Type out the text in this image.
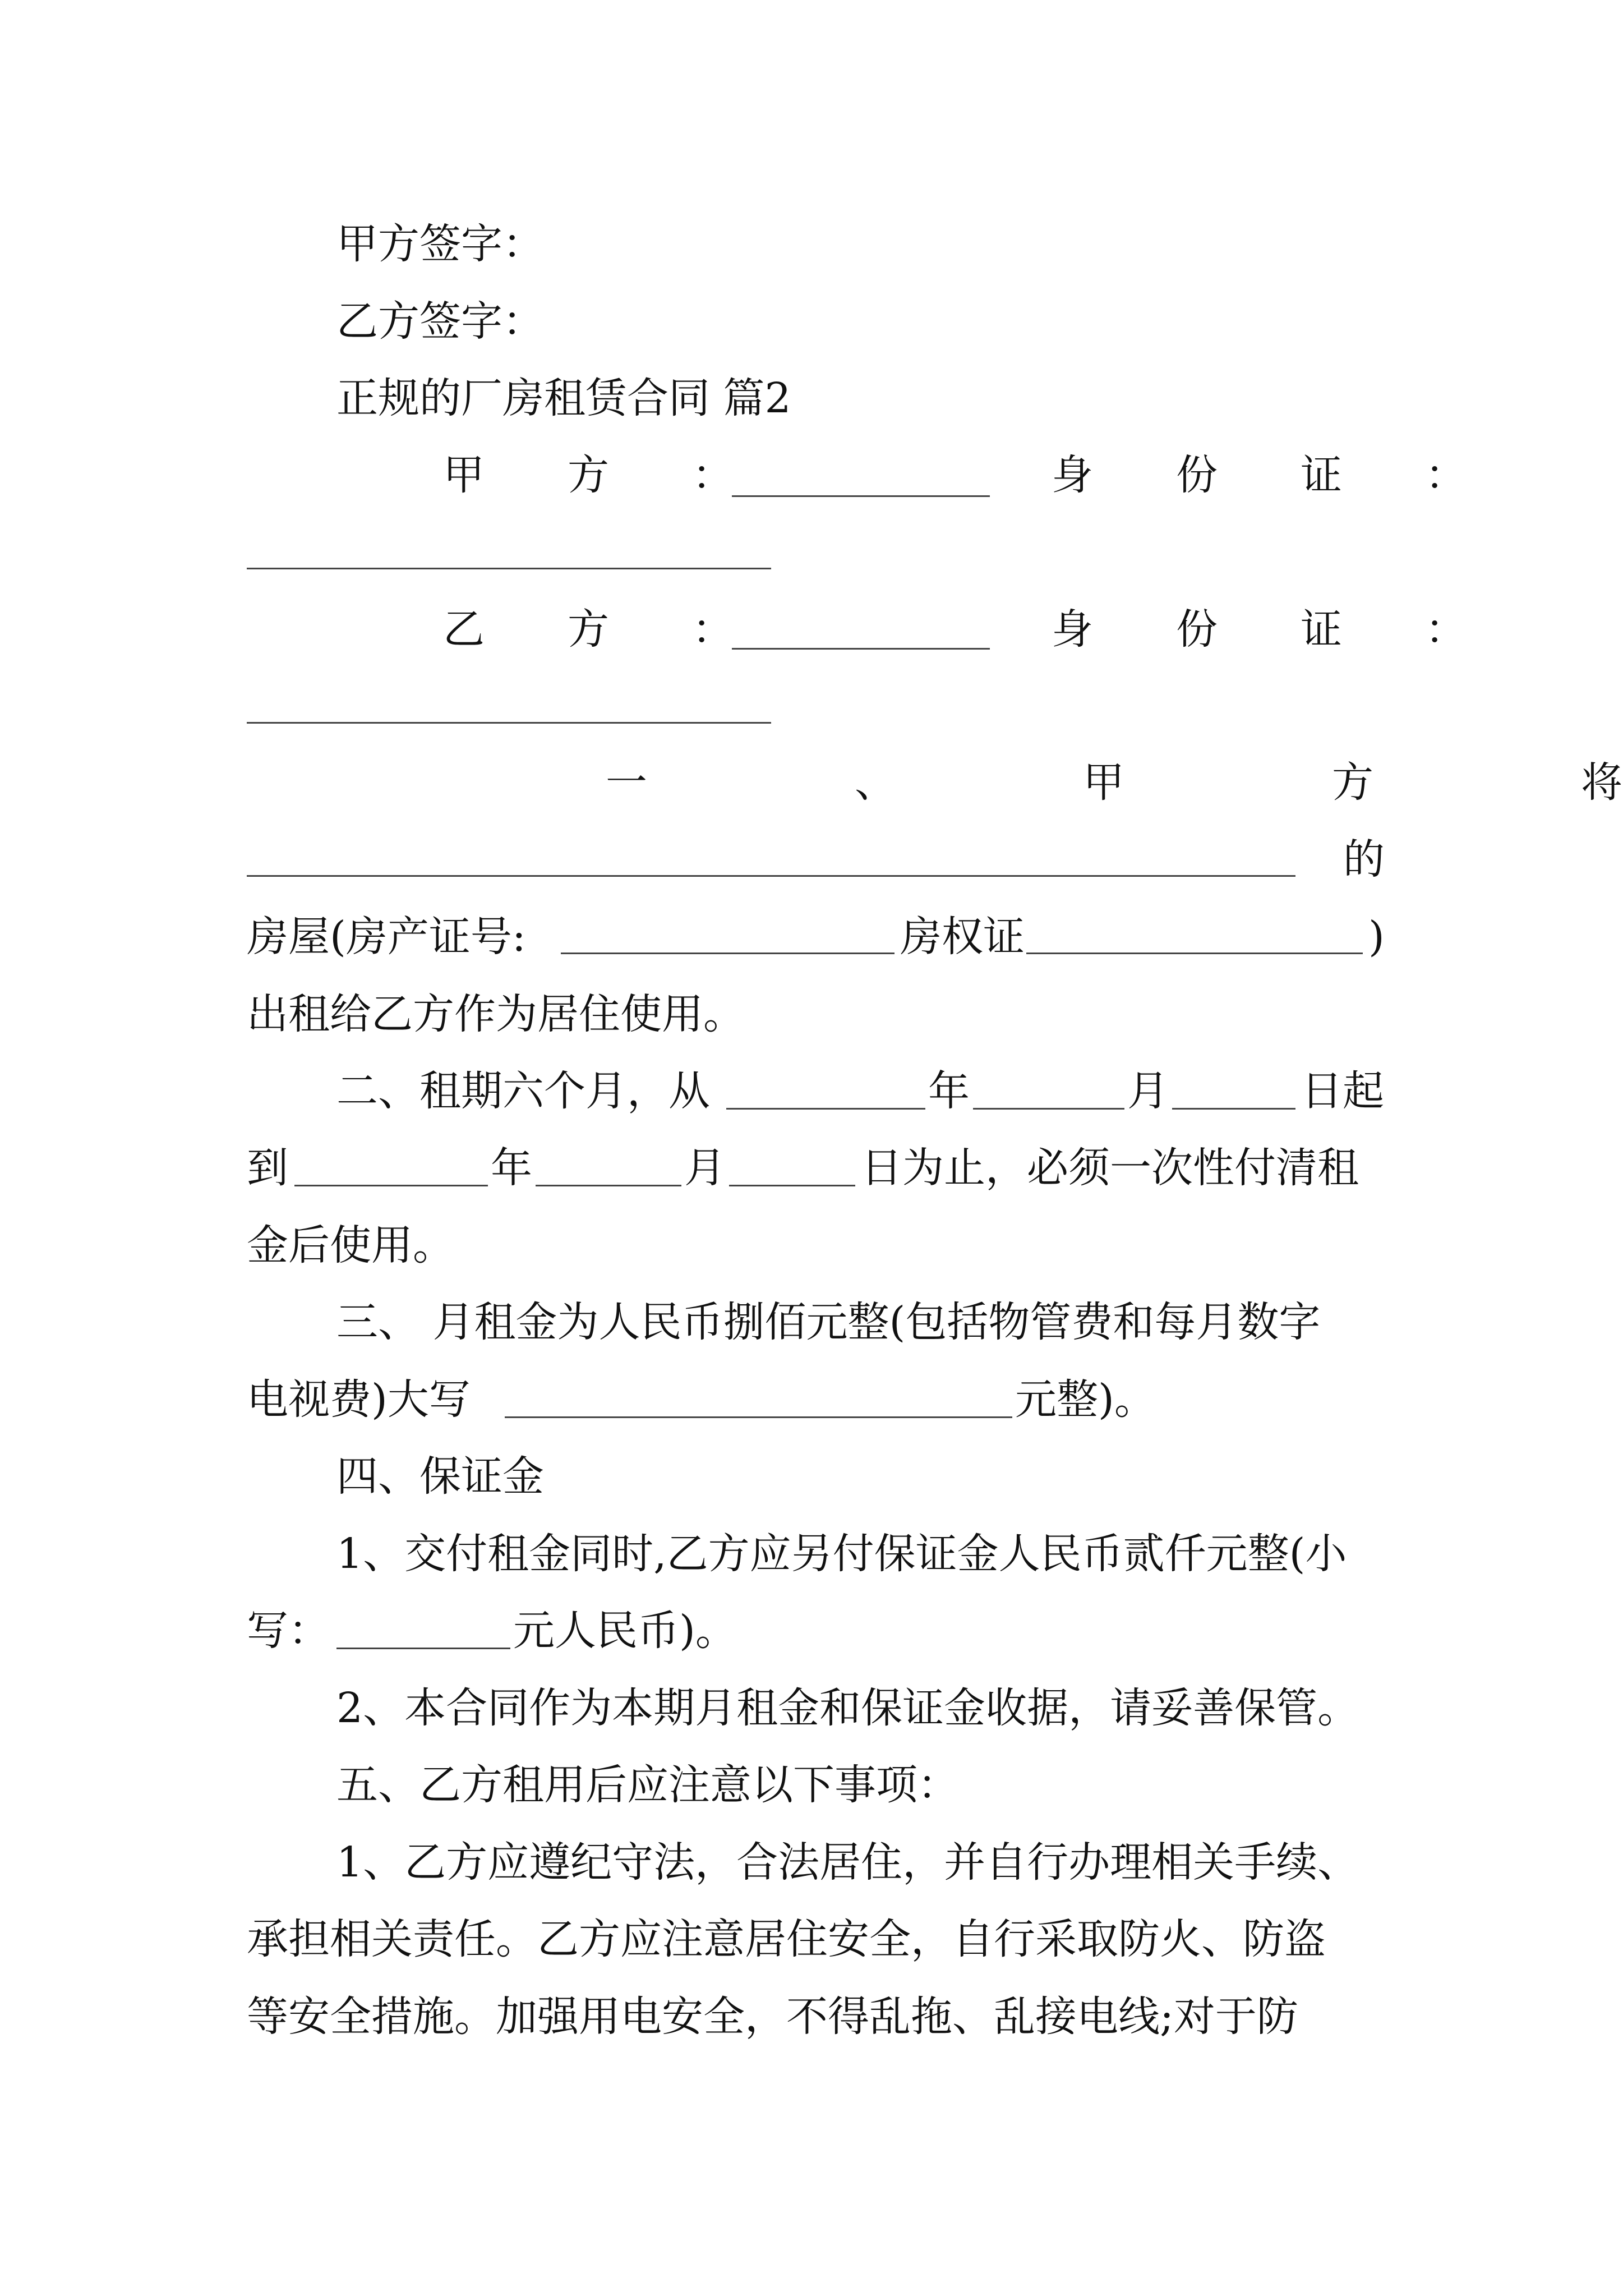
甲方签字：
乙方签字：
正规的厂房租赁合同 篇2
甲　　方　　：	身　　份　　证　　：
乙　　方　　：	身　　份　　证　　：
一　　　　　、　　　　　甲　　　　　方　　　　　将
的
房屋(房产证号:	房权证	)
出租给乙方作为居住使用。
二、租期六个月，从	年	月	日起
到	年	月	日为止，必须一次性付清租
金后使用。
三、 月租金为人民币捌佰元整(包括物管费和每月数字
电视费)大写	元整)。
四、保证金
1、交付租金同时,乙方应另付保证金人民币贰仟元整(小
写：	元人民币)。
2、本合同作为本期月租金和保证金收据，请妥善保管。
五、乙方租用后应注意以下事项：
1、乙方应遵纪守法，合法居住，并自行办理相关手续、
承担相关责任。乙方应注意居住安全，自行采取防火、防盗
等安全措施。加强用电安全，不得乱拖、乱接电线;对于防
